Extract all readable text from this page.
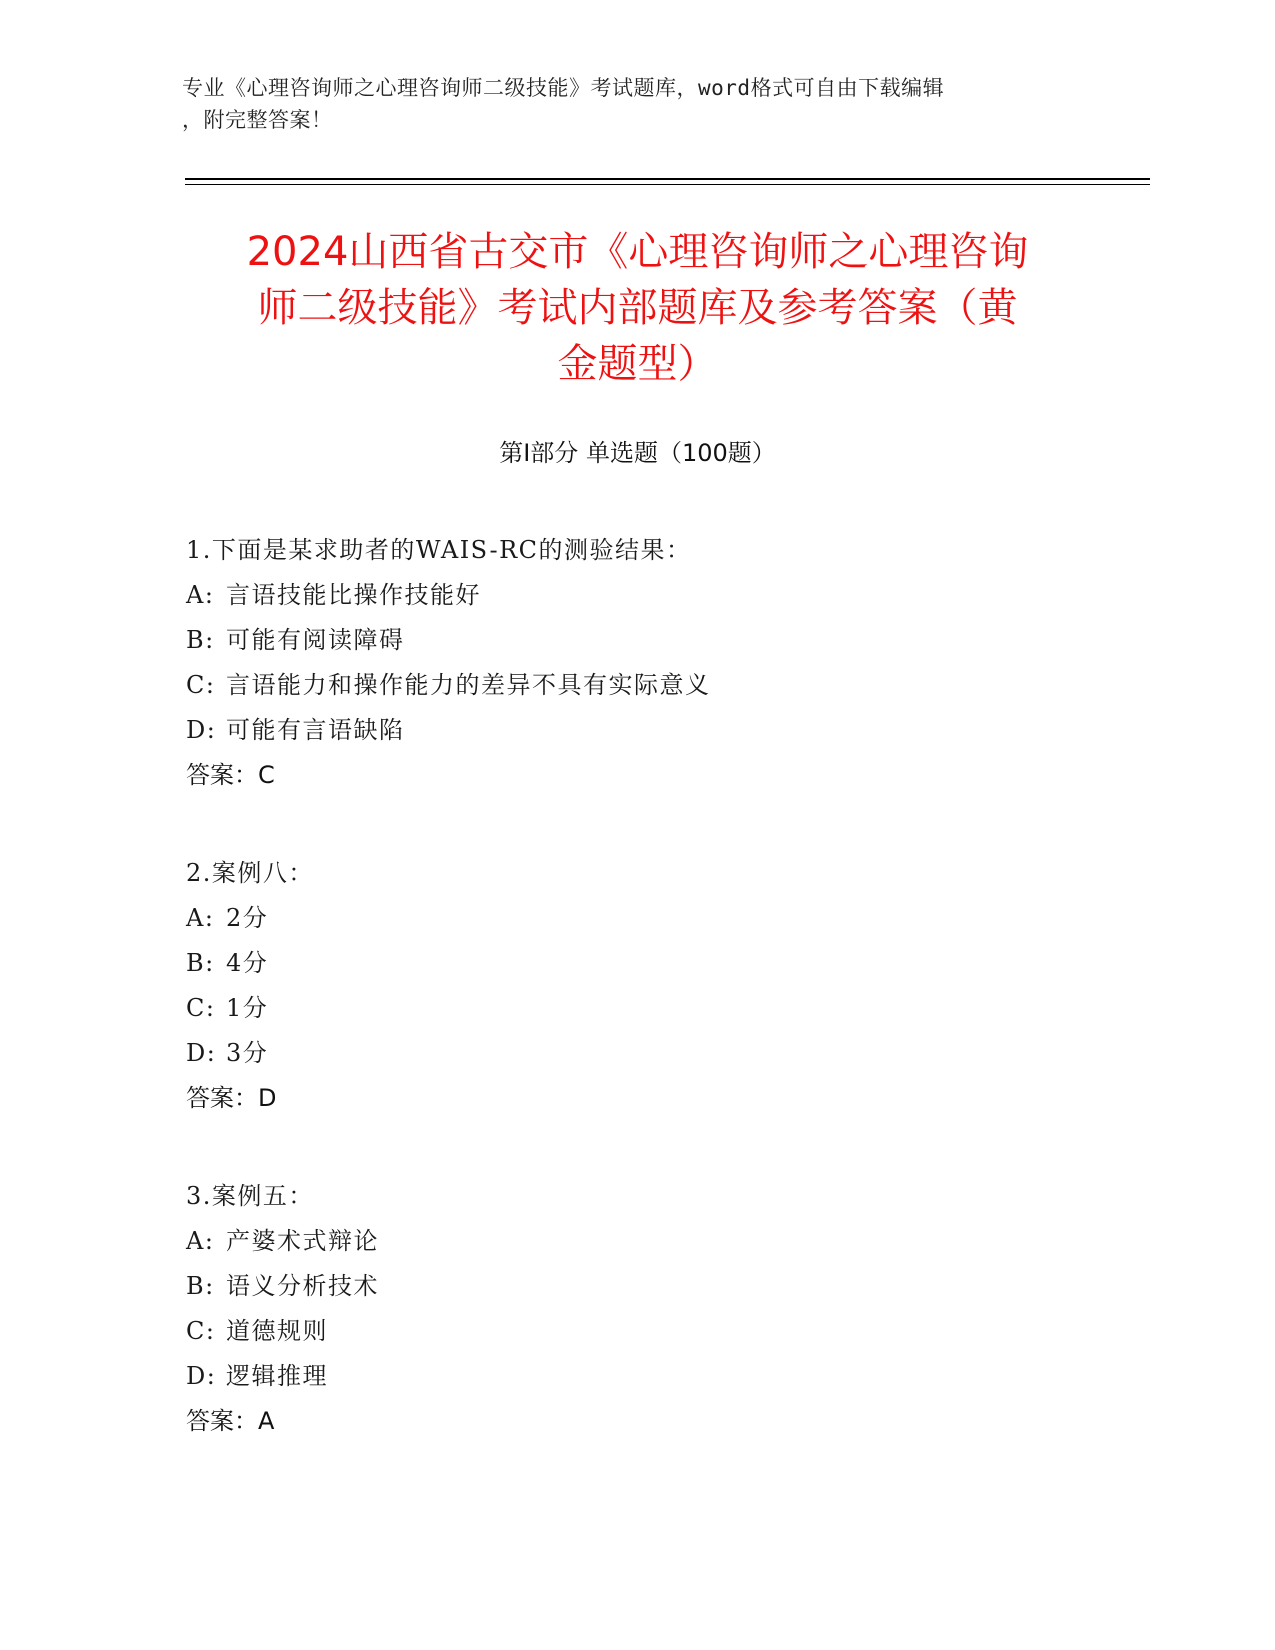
专业《心理咨询师之心理咨询师二级技能》考试题库，word格式可自由下载编辑
，附完整答案！
2024山西省古交市《心理咨询师之心理咨询
师二级技能》考试内部题库及参考答案（黄
金题型）
第Ⅰ部分 单选题（100题）
1.下面是某求助者的WAIS-RC的测验结果：
A: 言语技能比操作技能好
B: 可能有阅读障碍
C: 言语能力和操作能力的差异不具有实际意义
D: 可能有言语缺陷
答案：C
2.案例八：
A: 2分
B: 4分
C: 1分
D: 3分
答案：D
3.案例五：
A: 产婆术式辩论
B: 语义分析技术
C: 道德规则
D: 逻辑推理
答案：A
